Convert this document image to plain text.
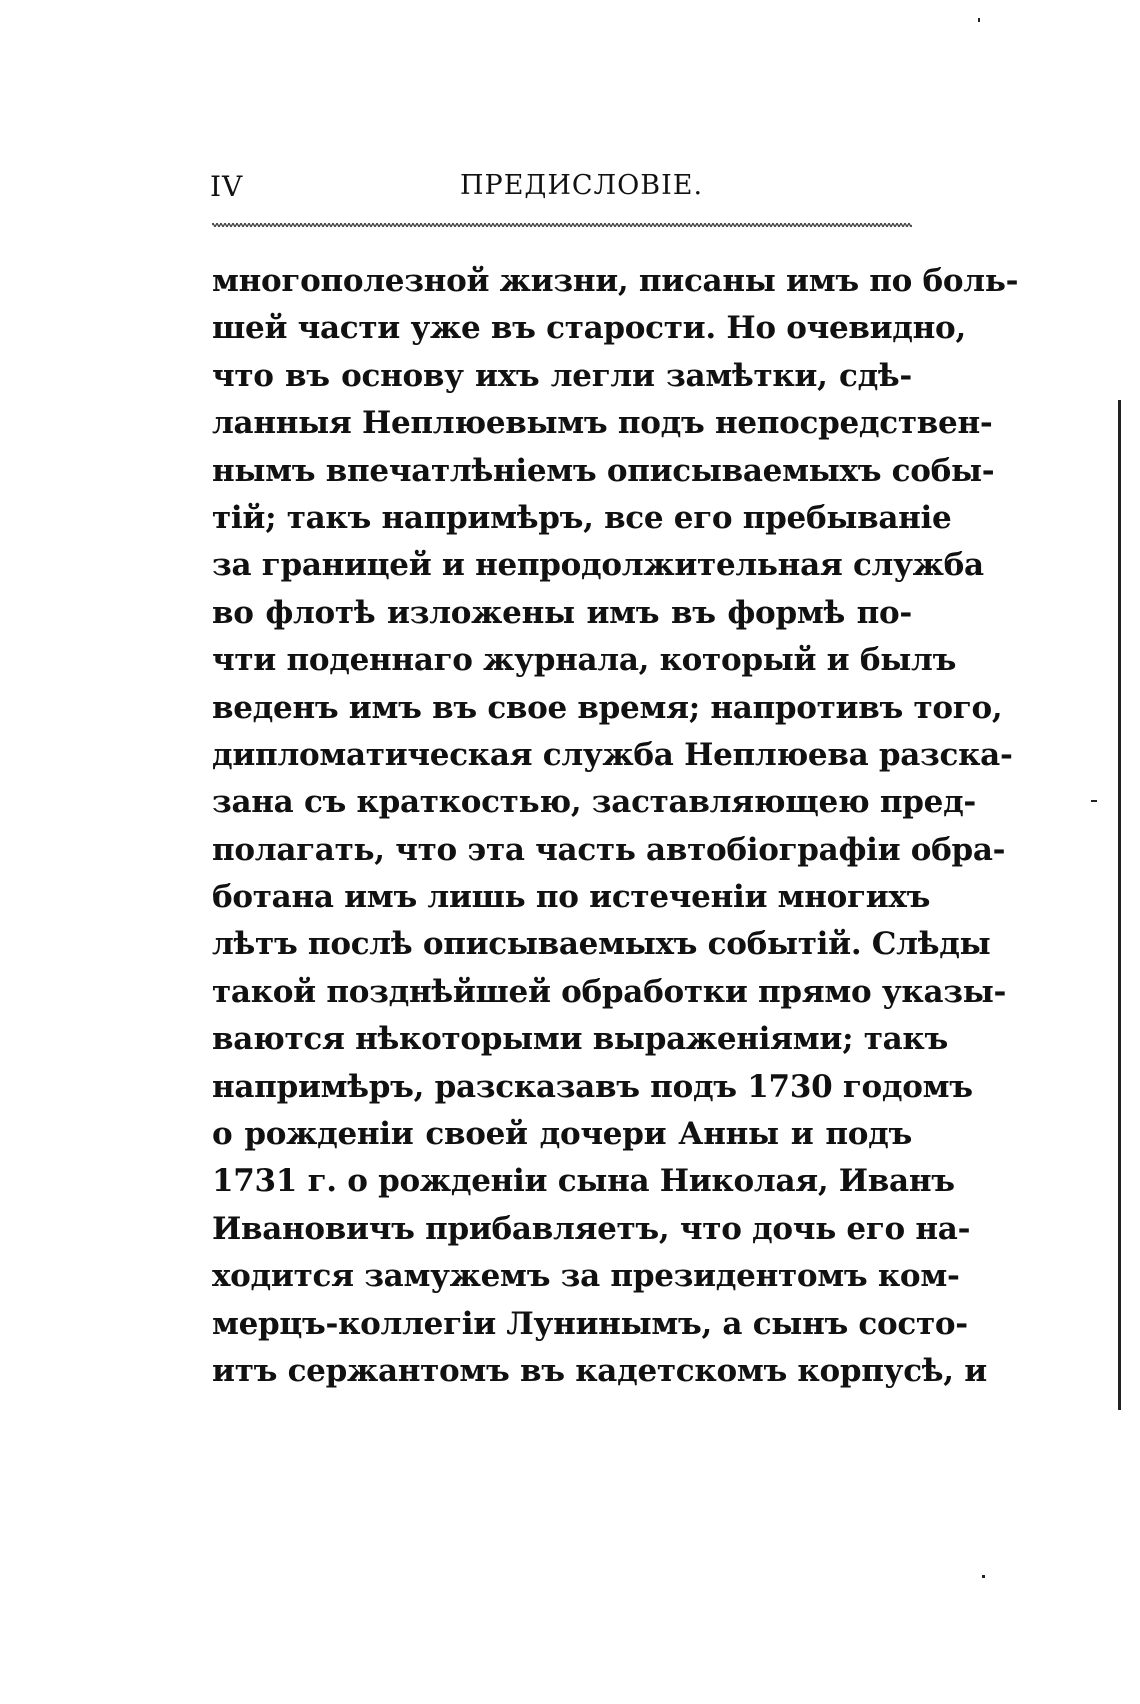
IV	ПРЕДИСЛОВІЕ.
многополезной жизни, писаны имъ по боль-
шей части уже въ старости. Но очевидно,
что въ основу ихъ легли замѣтки, сдѣ-
ланныя Неплюевымъ подъ непосредствен-
нымъ впечатлѣніемъ описываемыхъ собы-
тій; такъ напримѣръ, все его пребываніе
за границей и непродолжительная служба
во флотѣ изложены имъ въ формѣ по-
чти поденнаго журнала, который и былъ
веденъ имъ въ свое время; напротивъ того,
дипломатическая служба Неплюева разска-
зана съ краткостью, заставляющею пред-
полагать, что эта часть автобіографіи обра-
ботана имъ лишь по истеченіи многихъ
лѣтъ послѣ описываемыхъ событій. Слѣды
такой позднѣйшей обработки прямо указы-
ваются нѣкоторыми выраженіями; такъ
напримѣръ, разсказавъ подъ 1730 годомъ
о рожденіи своей дочери Анны и подъ
1731 г. о рожденіи сына Николая, Иванъ
Ивановичъ прибавляетъ, что дочь его на-
ходится замужемъ за президентомъ ком-
мерцъ-коллегіи Лунинымъ, а сынъ состо-
итъ сержантомъ въ кадетскомъ корпусѣ, и
